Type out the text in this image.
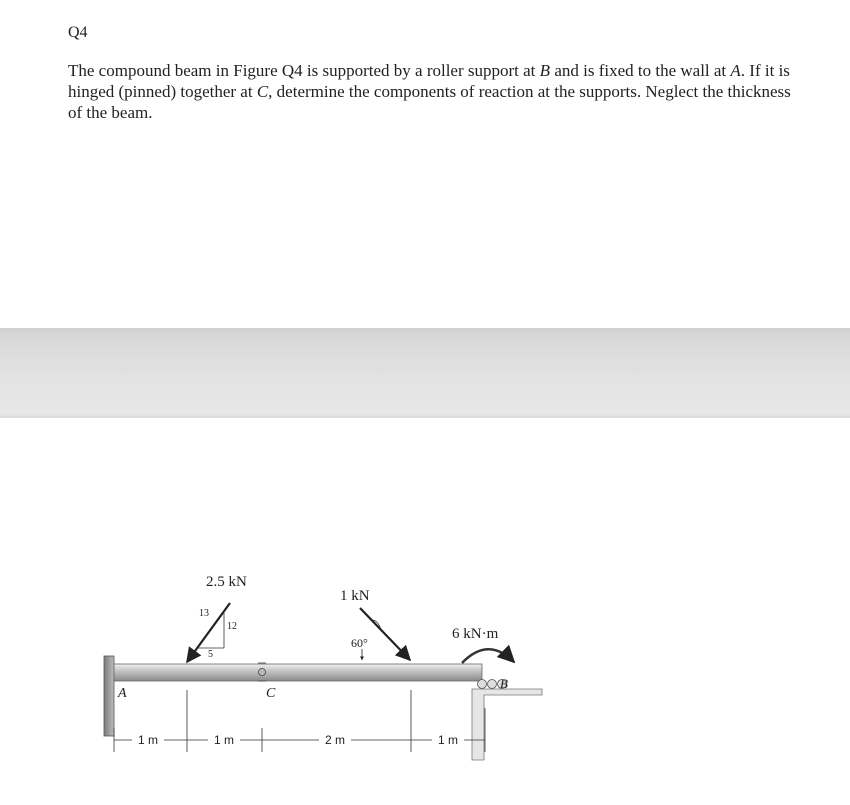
Q4

The compound beam in Figure Q4 is supported by a roller support at B and is fixed to the wall at A. If it is hinged (pinned) together at C, determine the components of reaction at the supports. Neglect the thickness of the beam.

2.5 kN
13
12
5
1 kN
60°
6 kN·m
A	C
B
1 m	1 m	2 m	1 m
